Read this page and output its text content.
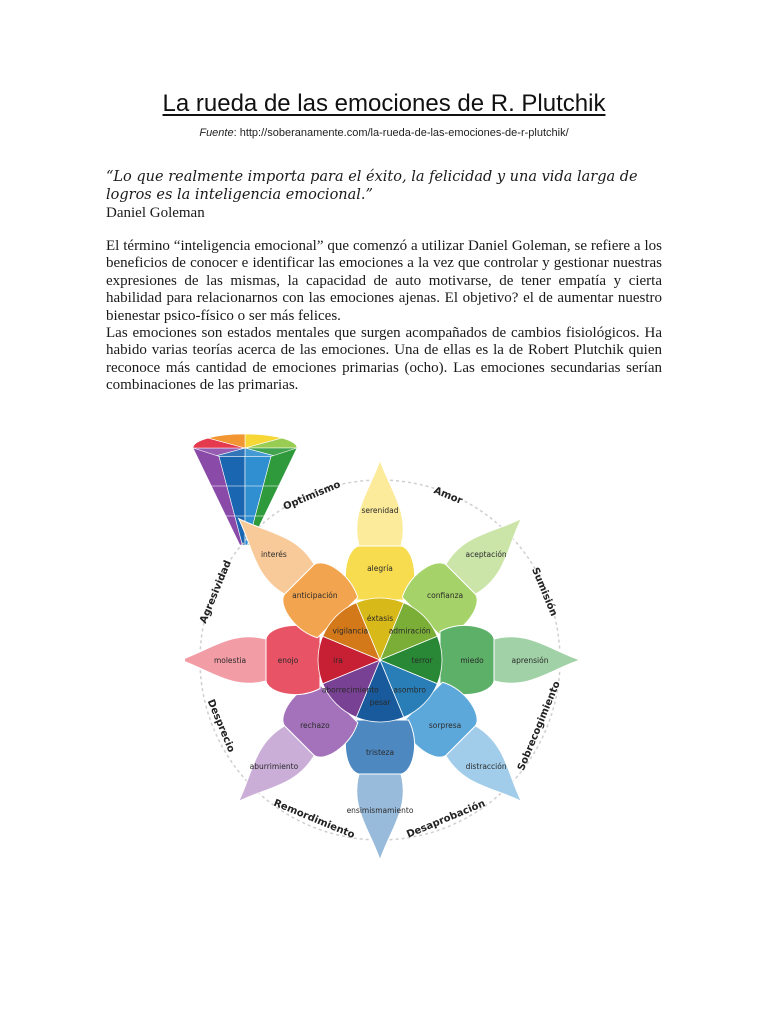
La rueda de las emociones de R. Plutchik
Fuente: http://soberanamente.com/la-rueda-de-las-emociones-de-r-plutchik/
“Lo que realmente importa para el éxito, la felicidad y una vida larga de logros es la inteligencia emocional.”
Daniel Goleman

El término “inteligencia emocional” que comenzó a utilizar Daniel Goleman, se refiere a los beneficios de conocer e identificar las emociones a la vez que controlar y gestionar nuestras expresiones de las mismas, la capacidad de auto motivarse, de tener empatía y cierta habilidad para relacionarnos con las emociones ajenas. El objetivo? el de aumentar nuestro bienestar psico-físico o ser más felices.

Las emociones son estados mentales que surgen acompañados de cambios fisiológicos. Ha habido varias teorías acerca de las emociones. Una de ellas es la de Robert Plutchik quien reconoce más cantidad de emociones primarias (ocho). Las emociones secundarias serían combinaciones de las primarias.

éxtasis
alegría
serenidad
admiración
confianza
aceptación
terror	miedo	aprensión
asombro
sorpresa
distracción
pesar
tristeza
ensimismamiento
aborrecimiento
rechazo
aburrimiento
ira
enojo
molestia
vigilancia
anticipación
interés
Amor
Sumisión
Sobrecogimiento
Desaprobación
Remordimiento
Desprecio
Agresividad
Optimismo
